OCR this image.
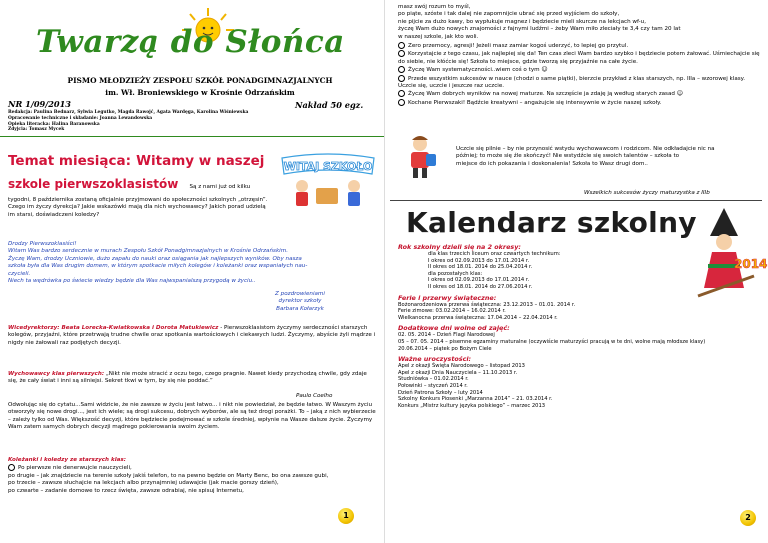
Twarzą do Słońca
PISMO MŁODZIEŻY ZESPOŁU SZKÓŁ PONADGIMNAZJALNYCH
im. Wł. Broniewskiego w Krośnie Odrzańskim
NR 1/09/2013	Nakład 50 egz.
Redakcja: Paulina Bednarz, Sylwia Legutko, Magda Rawojć, Agata Wardęga, Karolina Wiśniewska
Opracowanie techniczne i składanie: Joanna Lewandowska
Opieka literacka: Halina Baranowska
Zdyjcia: Tomasz Mycek
Temat miesiąca: Witamy w naszej
szkole pierwszoklasistów Są z nami już od kilku
WITAJ SZKOŁO
tygodni, 8 października zostaną oficjalnie przyjmowani do społeczności szkolnych „otrzęsin”. Czego im życzy dyrekcja? Jakie wskazówki mają dla nich wychowawcy? Jakich porad udzielą im starsi, doświadczeni koledzy?
Drodzy Pierwszoklasiści!
Witam Was bardzo serdecznie w murach Zespołu Szkół Ponadgimnazjalnych w Krośnie Odrzańskim.
Życzę Wam, drodzy Uczniowie, dużo zapału do nauki oraz osiągania jak najlepszych wyników. Oby nasza
szkoła była dla Was drugim domem, w którym spotkacie miłych kolegów i koleżanki oraz wspaniałych nau-
czycieli.
Niech ta wędrówka po świecie wiedzy będzie dla Was najwspanialszą przygodą w życiu..
Z pozdrowieniami
dyrektor szkoły
Barbara Kołarzyk
Wicedyrektorzy: Beata Lorecka-Kwiatkowska i Dorota Matukiewicz - Pierwszoklasistom życzymy serdeczności starszych kolegów, przyjaźni, które przetrwają trudne chwile oraz spotkania wartościowych i ciekawych ludzi. Życzymy, abyście żyli mądrze i nigdy nie żałowali raz podjętych decyzji.
Wychowawcy klas pierwszych: „Nikt nie może stracić z oczu tego, czego pragnie. Nawet kiedy przychodzą chwile, gdy zdaje się, że cały świat i inni są silniejsi. Sekret tkwi w tym, by się nie poddać.”
Paulo Coelho
Odwołując się do cytatu...Sami widzicie, że nie zawsze w życiu jest łatwo... i nikt nie powiedział, że będzie łatwo. W Waszym życiu otworzyły się nowe drogi..., jest ich wiele; są drogi sukcesu, dobrych wyborów, ale są też drogi porażki. To – jaką z nich wybierzecie – zależy tylko od Was. Większość decyzji, które będziecie podejmować w szkole średniej, wpłynie na Wasze dalsze życie. Życzymy Wam zatem samych dobrych decyzji mądrego pokierowania swoim życiem.
Koleżanki i koledzy ze starszych klas:
Po pierwsze nie denerwujcie nauczycieli,
po drugie – jak znajdziecie na terenie szkoły jakiś telefon, to na pewno będzie on Marty Benc, bo ona zawsze gubi,
po trzecie – zawsze słuchajcie na lekcjach albo przynajmniej udawajcie (jak macie gorszy dzień),
po czwarte – zadanie domowe to rzecz święta, zawsze odrabiaj, nie spisuj Internetu,
1
masz swój rozum to myśl,
po piąte, szóste i tak dalej nie zapomnijcie ubrać się przed wyjściem do szkoły,
nie pijcie za dużo kawy, bo wypłukuje magnez i będziecie mieli skurcze na lekcjach wf-u,
życzę Wam dużo nowych znajomości z fajnymi ludźmi – żeby Wam miło zleciały te 3,4 czy tam 20 lat
w naszej szkole, jak kto woli.
Zero przemocy, agresji! Jeżeli masz zamiar kogoś uderzyć, to lepiej go przytul.
Korzystajcie z tego czasu, jak najlepiej się da! Ten czas zleci Wam bardzo szybko i będziecie potem żałować. Uśmiechajcie się do siebie, nie kłóćcie się! Szkoła to miejsce, gdzie tworzą się przyjaźnie na całe życie.
Życzę Wam systematyczności..wiem coś o tym ☺
Przede wszystkim sukcesów w nauce (chodzi o same piątki), bierzcie przykład z klas starszych, np. IIIa – wzorowej klasy. Uczcie się, uczcie i jeszcze raz uczcie.
Życzę Wam dobrych wyników na nowej maturze. Na szczęście ja zdaję ją według starych zasad ☺
Kochane Pierwszaki! Bądźcie kreatywni – angażujcie się intensywnie w życie naszej szkoły.
Uczcie się pilnie – by nie przynosić wstydu wychowawcom i rodzicom. Nie odkładajcie nic na
później; to może się źle skończyć! Nie wstydźcie się swoich talentów – szkoła to
miejsce do ich pokazania i doskonalenia! Szkoła to Wasz drugi dom..
Wszelkich sukcesów życzy maturzystka z IIIb
Kalendarz szkolny
2014
Rok szkolny dzieli się na 2 okresy:
dla klas trzecich liceum oraz czwartych technikum:
I okres od 02.09.2013 do 17.01.2014 r.
II okres od 18.01. 2014 do 25.04.2014 r.
dla pozostałych klas:
I okres od 02.09.2013 do 17.01.2014 r.
II okres od 18.01. 2014 do 27.06.2014 r.
Ferie i przerwy świąteczne:
Bożonarodzeniowa przerwa świąteczna: 23.12.2013 – 01.01. 2014 r.
Ferie zimowe: 03.02.2014 – 16.02.2014 r.
Wielkanocna przerwa świąteczna: 17.04.2014 – 22.04.2014 r.
Dodatkowe dni wolne od zajęć:
02. 05. 2014 – Dzień Flagi Narodowej
05 – 07. 05. 2014 – pisemne egzaminy maturalne (oczywiście maturzyści pracują w te dni, wolne mają młodsze klasy)
20.06.2014 – piątek po Bożym Ciele
Ważne uroczystości:
Apel z okazji Święta Narodowego – listopad 2013
Apel z okazji Dnia Nauczyciela – 11.10.2013 r.
Studniówka – 01.02.2014 r.
Połowinki – styczeń 2014 r.
Dzień Patrona Szkoły – luty 2014
Szkolny Konkurs Piosenki „Marzanna 2014” – 21. 03.2014 r.
Konkurs „Mistrz kultury języka polskiego” – marzec 2013
2
